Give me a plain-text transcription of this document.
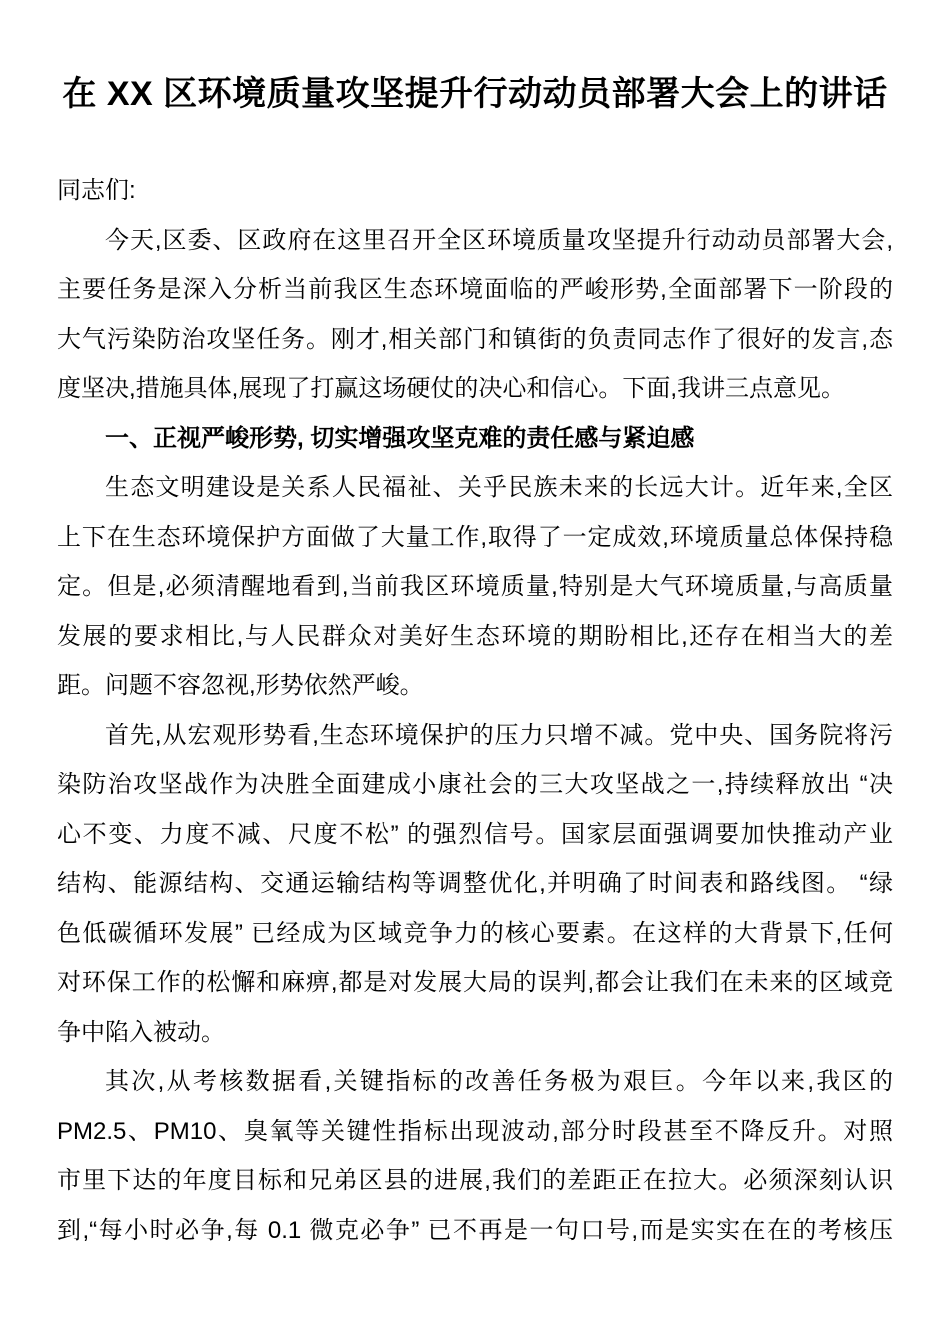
在 XX 区环境质量攻坚提升行动动员部署大会上的讲话
同志们:
今天,区委、区政府在这里召开全区环境质量攻坚提升行动动员部署大会,
主要任务是深入分析当前我区生态环境面临的严峻形势,全面部署下一阶段的
大气污染防治攻坚任务。刚才,相关部门和镇街的负责同志作了很好的发言,态
度坚决,措施具体,展现了打赢这场硬仗的决心和信心。下面,我讲三点意见。
一、正视严峻形势, 切实增强攻坚克难的责任感与紧迫感
生态文明建设是关系人民福祉、关乎民族未来的长远大计。近年来,全区
上下在生态环境保护方面做了大量工作,取得了一定成效,环境质量总体保持稳
定。但是,必须清醒地看到,当前我区环境质量,特别是大气环境质量,与高质量
发展的要求相比,与人民群众对美好生态环境的期盼相比,还存在相当大的差
距。问题不容忽视,形势依然严峻。
首先,从宏观形势看,生态环境保护的压力只增不减。党中央、国务院将污
染防治攻坚战作为决胜全面建成小康社会的三大攻坚战之一,持续释放出 “决
心不变、力度不减、尺度不松” 的强烈信号。国家层面强调要加快推动产业
结构、能源结构、交通运输结构等调整优化,并明确了时间表和路线图。 “绿
色低碳循环发展” 已经成为区域竞争力的核心要素。在这样的大背景下,任何
对环保工作的松懈和麻痹,都是对发展大局的误判,都会让我们在未来的区域竞
争中陷入被动。
其次,从考核数据看,关键指标的改善任务极为艰巨。今年以来,我区的
PM2.5、PM10、臭氧等关键性指标出现波动,部分时段甚至不降反升。对照
市里下达的年度目标和兄弟区县的进展,我们的差距正在拉大。必须深刻认识
到,“每小时必争,每 0.1 微克必争” 已不再是一句口号,而是实实在在的考核压
